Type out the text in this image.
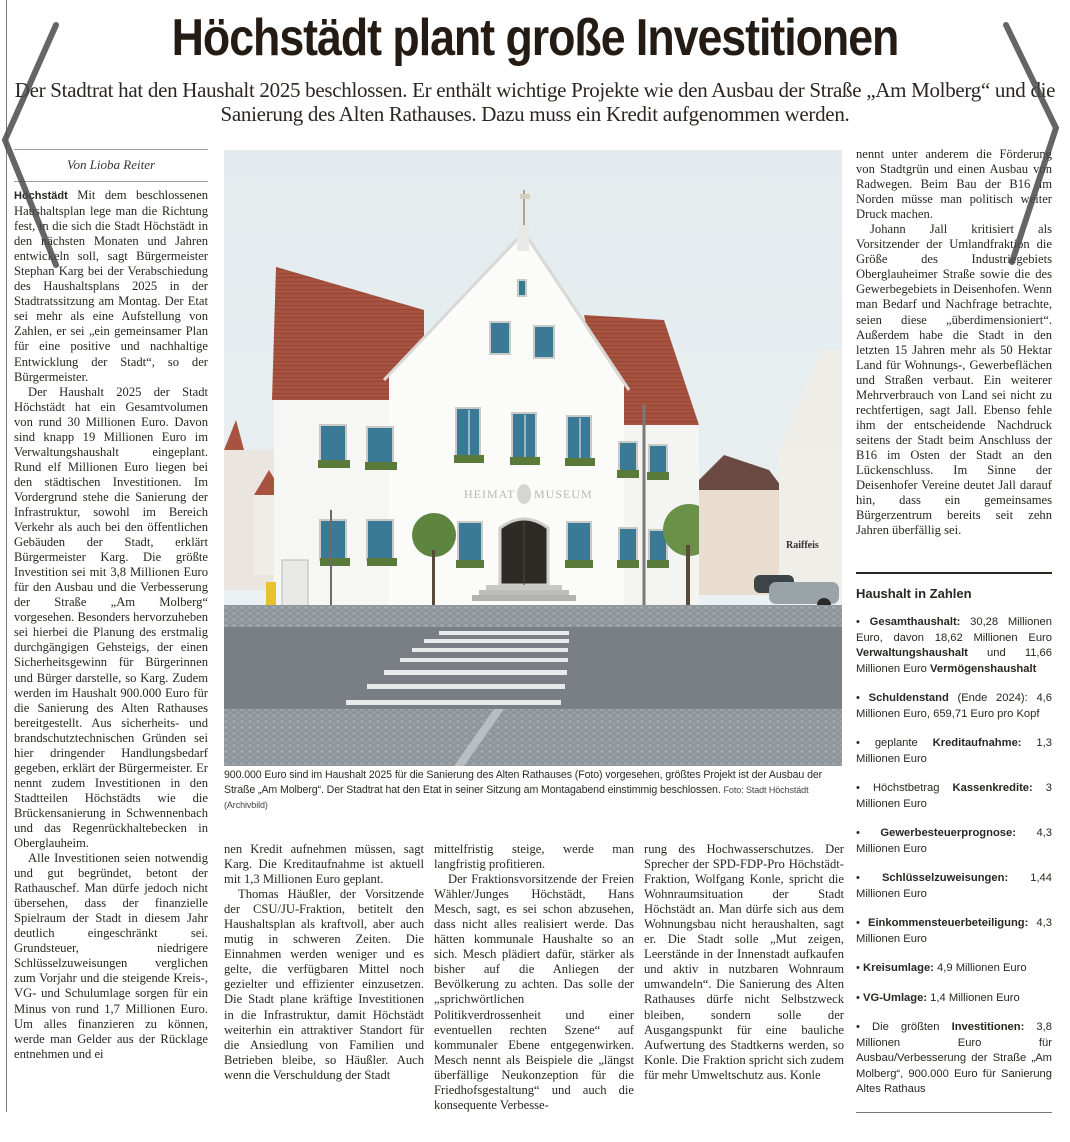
Höchstädt plant große Investitionen
Der Stadtrat hat den Haushalt 2025 beschlossen. Er enthält wichtige Projekte wie den Ausbau der Straße „Am Molberg“ und die Sanierung des Alten Rathauses. Dazu muss ein Kredit aufgenommen werden.
Von Lioba Reiter

Höchstädt Mit dem beschlossenen Haushaltsplan lege man die Richtung fest, in die sich die Stadt Höchstädt in den nächsten Monaten und Jahren entwickeln soll, sagt Bürgermeister Stephan Karg bei der Verabschiedung des Haushaltsplans 2025 in der Stadtratssitzung am Montag. Der Etat sei mehr als eine Aufstellung von Zahlen, er sei „ein gemeinsamer Plan für eine positive und nachhaltige Entwicklung der Stadt“, so der Bürgermeister.

Der Haushalt 2025 der Stadt Höchstädt hat ein Gesamtvolumen von rund 30 Millionen Euro. Davon sind knapp 19 Millionen Euro im Verwaltungshaushalt eingeplant. Rund elf Millionen Euro liegen bei den städtischen Investitionen. Im Vordergrund stehe die Sanierung der Infrastruktur, sowohl im Bereich Verkehr als auch bei den öffentlichen Gebäuden der Stadt, erklärt Bürgermeister Karg. Die größte Investition sei mit 3,8 Millionen Euro für den Ausbau und die Verbesserung der Straße „Am Molberg“ vorgesehen. Besonders hervorzuheben sei hierbei die Planung des erstmalig durchgängigen Gehsteigs, der einen Sicherheitsgewinn für Bürgerinnen und Bürger darstelle, so Karg. Zudem werden im Haushalt 900.000 Euro für die Sanierung des Alten Rathauses bereitgestellt. Aus sicherheits- und brandschutztechnischen Gründen sei hier dringender Handlungsbedarf gegeben, erklärt der Bürgermeister. Er nennt zudem Investitionen in den Stadtteilen Höchstädts wie die Brückensanierung in Schwennenbach und das Regenrückhaltebecken in Oberglauheim.

Alle Investitionen seien notwendig und gut begründet, betont der Rathauschef. Man dürfe jedoch nicht übersehen, dass der finanzielle Spielraum der Stadt in diesem Jahr deutlich eingeschränkt sei. Grundsteuer, niedrigere Schlüsselzuweisungen verglichen zum Vorjahr und die steigende Kreis-, VG- und Schulumlage sorgen für ein Minus von rund 1,7 Millionen Euro. Um alles finanzieren zu können, werde man Gelder aus der Rücklage entnehmen und ei

HEIMAT MUSEUM
Raiffeis
900.000 Euro sind im Haushalt 2025 für die Sanierung des Alten Rathauses (Foto) vorgesehen, größtes Projekt ist der Ausbau der Straße „Am Molberg“. Der Stadtrat hat den Etat in seiner Sitzung am Montagabend einstimmig beschlossen. Foto: Stadt Höchstädt (Archivbild)

nen Kredit aufnehmen müssen, sagt Karg. Die Kreditaufnahme ist aktuell mit 1,3 Millionen Euro geplant.

Thomas Häußler, der Vorsitzende der CSU/JU-Fraktion, betitelt den Haushaltsplan als kraftvoll, aber auch mutig in schweren Zeiten. Die Einnahmen werden weniger und es gelte, die verfügbaren Mittel noch gezielter und effizienter einzusetzen. Die Stadt plane kräftige Investitionen in die Infrastruktur, damit Höchstädt weiterhin ein attraktiver Standort für die Ansiedlung von Familien und Betrieben bleibe, so Häußler. Auch wenn die Verschuldung der Stadt

mittelfristig steige, werde man langfristig profitieren.

Der Fraktionsvorsitzende der Freien Wähler/Junges Höchstädt, Hans Mesch, sagt, es sei schon abzusehen, dass nicht alles realisiert werde. Das hätten kommunale Haushalte so an sich. Mesch plädiert dafür, stärker als bisher auf die Anliegen der Bevölkerung zu achten. Das solle der „sprichwörtlichen Politikverdrossenheit und einer eventuellen rechten Szene“ auf kommunaler Ebene entgegenwirken. Mesch nennt als Beispiele die „längst überfällige Neukonzeption für die Friedhofsgestaltung“ und auch die konsequente Verbesse-

rung des Hochwasserschutzes. Der Sprecher der SPD-FDP-Pro Höchstädt-Fraktion, Wolfgang Konle, spricht die Wohnraumsituation der Stadt Höchstädt an. Man dürfe sich aus dem Wohnungsbau nicht heraushalten, sagt er. Die Stadt solle „Mut zeigen, Leerstände in der Innenstadt aufkaufen und aktiv in nutzbaren Wohnraum umwandeln“. Die Sanierung des Alten Rathauses dürfe nicht Selbstzweck bleiben, sondern solle der Ausgangspunkt für eine bauliche Aufwertung des Stadtkerns werden, so Konle. Die Fraktion spricht sich zudem für mehr Umweltschutz aus. Konle

nennt unter anderem die Förderung von Stadtgrün und einen Ausbau von Radwegen. Beim Bau der B16 im Norden müsse man politisch weiter Druck machen.

Johann Jall kritisiert als Vorsitzender der Umlandfraktion die Größe des Industriegebiets Oberglauheimer Straße sowie die des Gewerbegebiets in Deisenhofen. Wenn man Bedarf und Nachfrage betrachte, seien diese „überdimensioniert“. Außerdem habe die Stadt in den letzten 15 Jahren mehr als 50 Hektar Land für Wohnungs-, Gewerbeflächen und Straßen verbaut. Ein weiterer Mehrverbrauch von Land sei nicht zu rechtfertigen, sagt Jall. Ebenso fehle ihm der entscheidende Nachdruck seitens der Stadt beim Anschluss der B16 im Osten der Stadt an den Lückenschluss. Im Sinne der Deisenhofer Vereine deutet Jall darauf hin, dass ein gemeinsames Bürgerzentrum bereits seit zehn Jahren überfällig sei.

Haushalt in Zahlen
• Gesamthaushalt: 30,28 Millionen Euro, davon 18,62 Millionen Euro Verwaltungshaushalt und 11,66 Millionen Euro Vermögenshaushalt
• Schuldenstand (Ende 2024): 4,6 Millionen Euro, 659,71 Euro pro Kopf
• geplante Kreditaufnahme: 1,3 Millionen Euro
• Höchstbetrag Kassenkredite: 3 Millionen Euro
• Gewerbesteuerprognose: 4,3 Millionen Euro
• Schlüsselzuweisungen: 1,44 Millionen Euro
• Einkommensteuerbeteiligung: 4,3 Millionen Euro
• Kreisumlage: 4,9 Millionen Euro
• VG-Umlage: 1,4 Millionen Euro
• Die größten Investitionen: 3,8 Millionen Euro für Ausbau/Verbesserung der Straße „Am Molberg“, 900.000 Euro für Sanierung Altes Rathaus
